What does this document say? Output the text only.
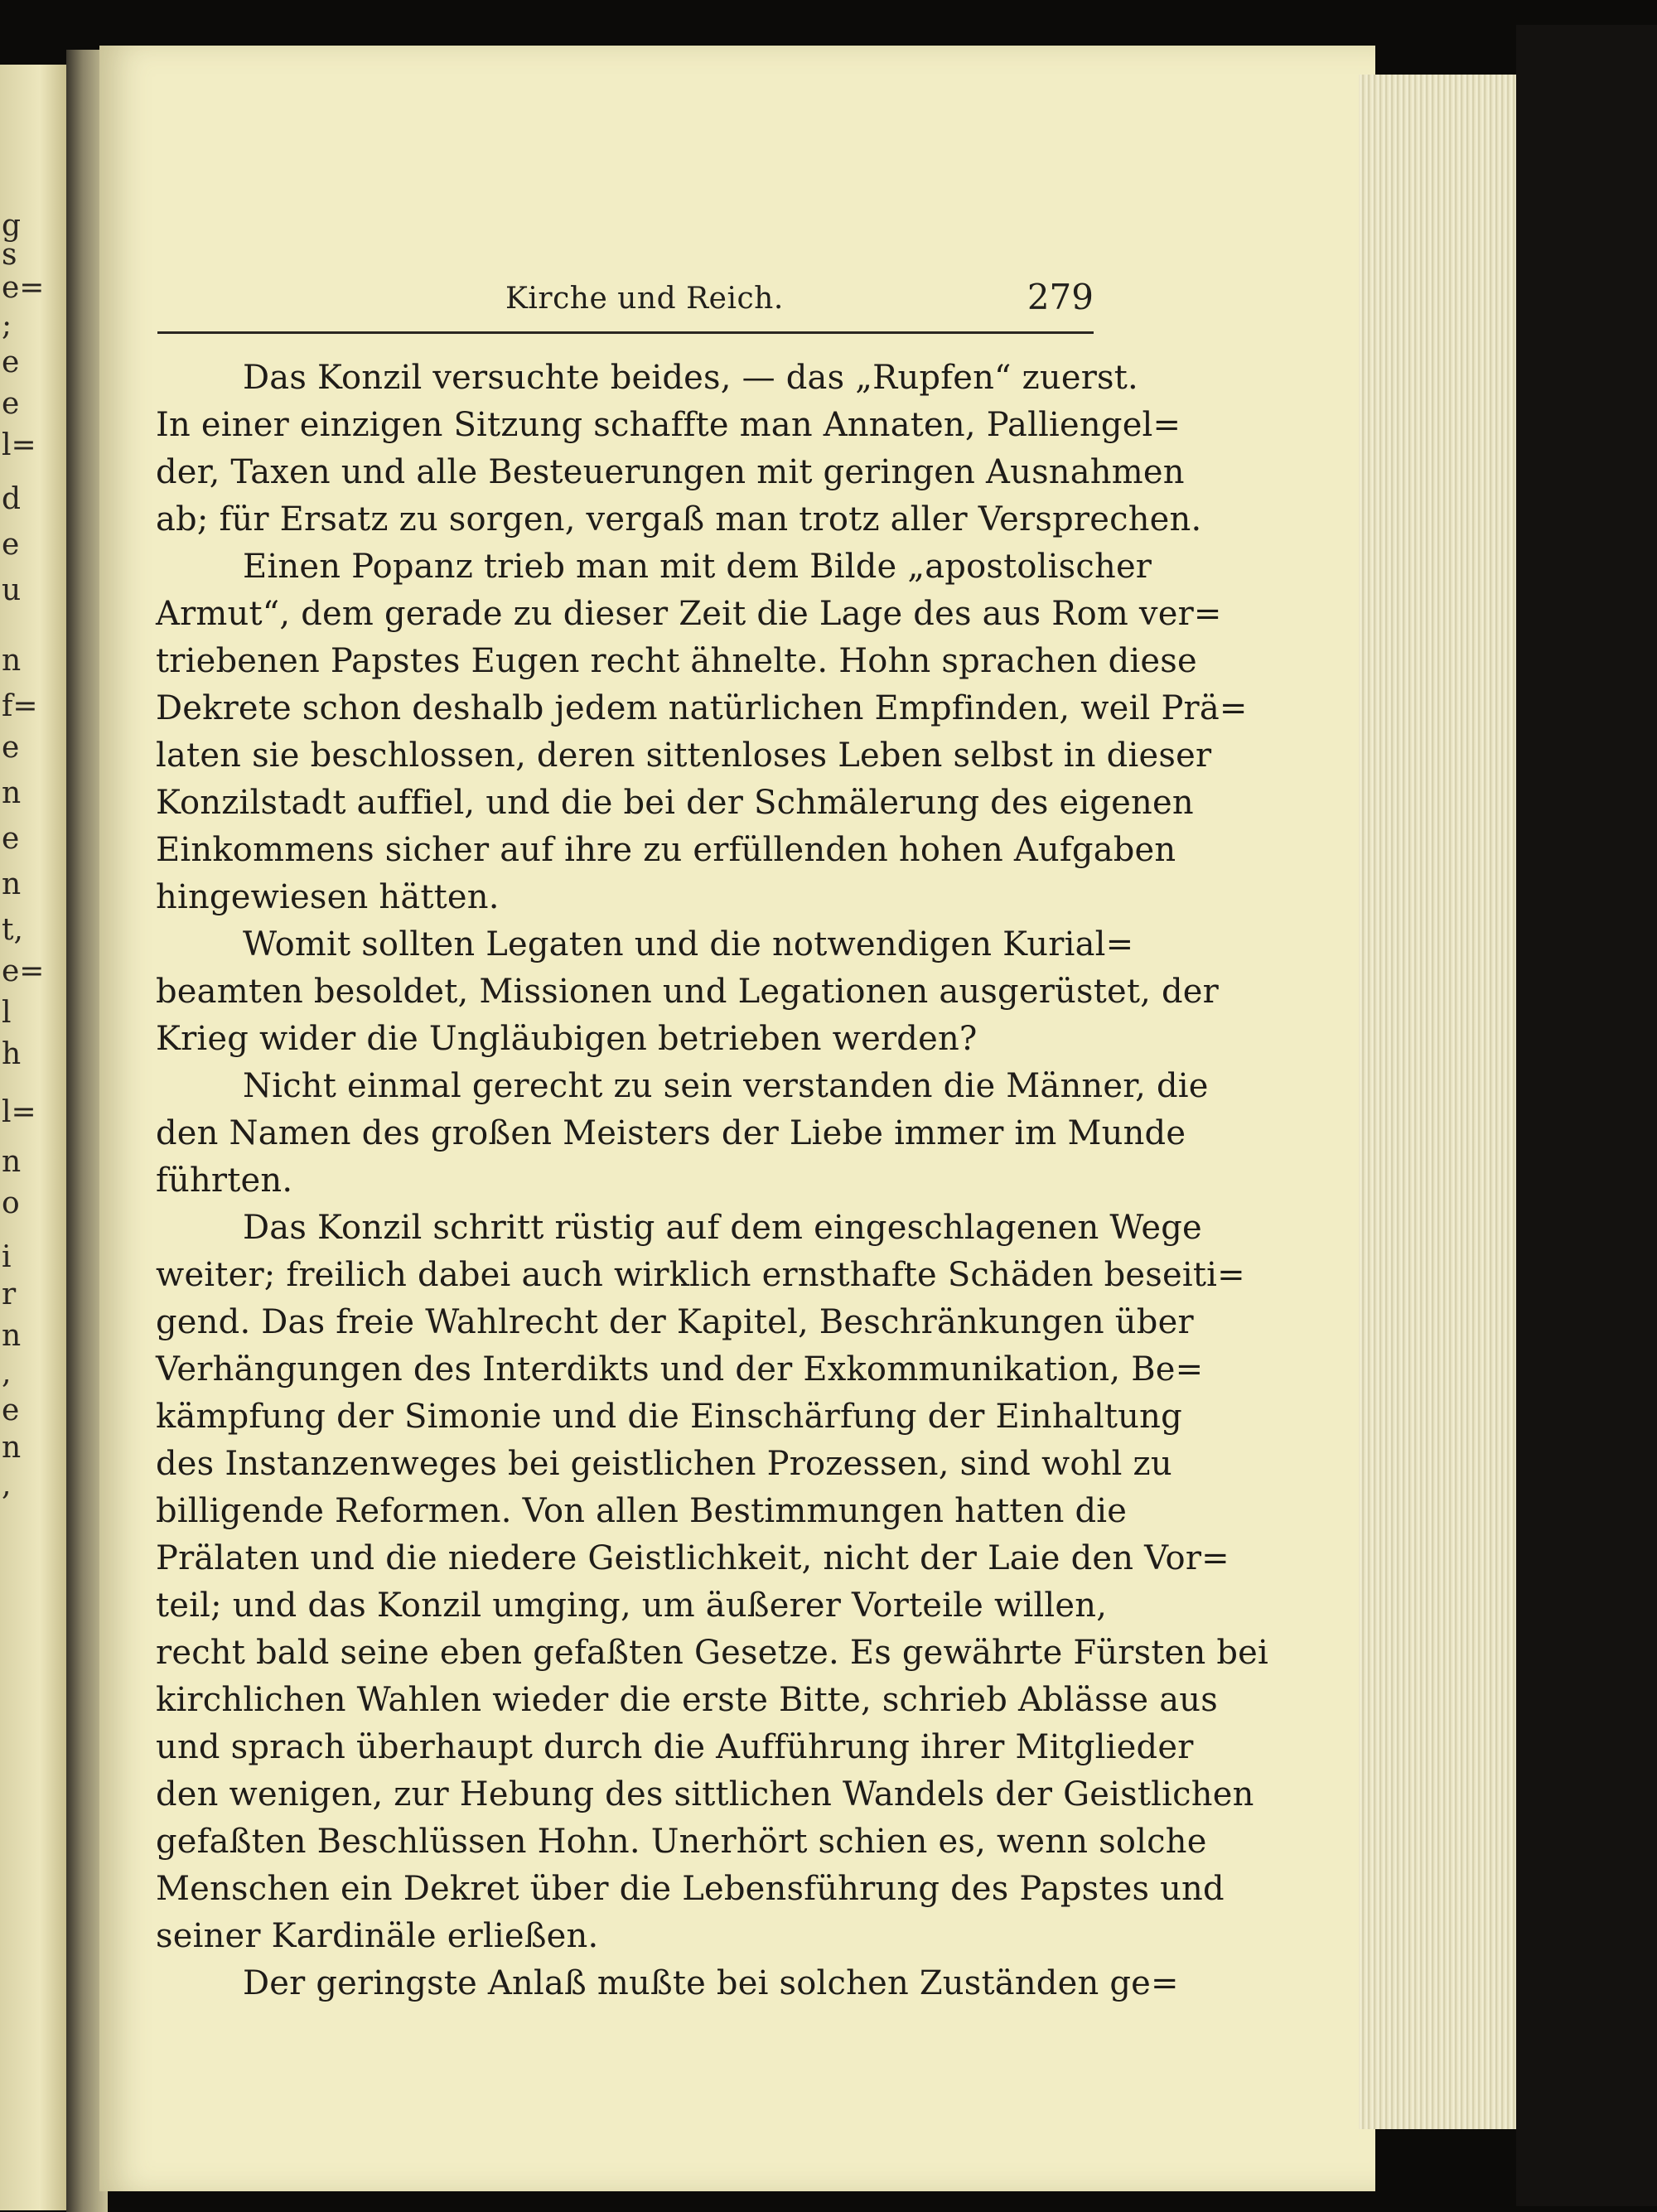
g
s
e=
;
e
e
l=
d
e
u
n
f=
e
n
e
n
t,
e=
l
h
l=
n
o
i
r
n
,
e
n
,
Kirche und Reich.	279
Das Konzil versuchte beides, — das „Rupfen“ zuerst.
In einer einzigen Sitzung schaffte man Annaten, Palliengel=
der, Taxen und alle Besteuerungen mit geringen Ausnahmen
ab; für Ersatz zu sorgen, vergaß man trotz aller Versprechen.
Einen Popanz trieb man mit dem Bilde „apostolischer
Armut“, dem gerade zu dieser Zeit die Lage des aus Rom ver=
triebenen Papstes Eugen recht ähnelte. Hohn sprachen diese
Dekrete schon deshalb jedem natürlichen Empfinden, weil Prä=
laten sie beschlossen, deren sittenloses Leben selbst in dieser
Konzilstadt auffiel, und die bei der Schmälerung des eigenen
Einkommens sicher auf ihre zu erfüllenden hohen Aufgaben
hingewiesen hätten.
Womit sollten Legaten und die notwendigen Kurial=
beamten besoldet, Missionen und Legationen ausgerüstet, der
Krieg wider die Ungläubigen betrieben werden?
Nicht einmal gerecht zu sein verstanden die Männer, die
den Namen des großen Meisters der Liebe immer im Munde
führten.
Das Konzil schritt rüstig auf dem eingeschlagenen Wege
weiter; freilich dabei auch wirklich ernsthafte Schäden beseiti=
gend. Das freie Wahlrecht der Kapitel, Beschränkungen über
Verhängungen des Interdikts und der Exkommunikation, Be=
kämpfung der Simonie und die Einschärfung der Einhaltung
des Instanzenweges bei geistlichen Prozessen, sind wohl zu
billigende Reformen. Von allen Bestimmungen hatten die
Prälaten und die niedere Geistlichkeit, nicht der Laie den Vor=
teil; und das Konzil umging, um äußerer Vorteile willen,
recht bald seine eben gefaßten Gesetze. Es gewährte Fürsten bei
kirchlichen Wahlen wieder die erste Bitte, schrieb Ablässe aus
und sprach überhaupt durch die Aufführung ihrer Mitglieder
den wenigen, zur Hebung des sittlichen Wandels der Geistlichen
gefaßten Beschlüssen Hohn. Unerhört schien es, wenn solche
Menschen ein Dekret über die Lebensführung des Papstes und
seiner Kardinäle erließen.
Der geringste Anlaß mußte bei solchen Zuständen ge=
